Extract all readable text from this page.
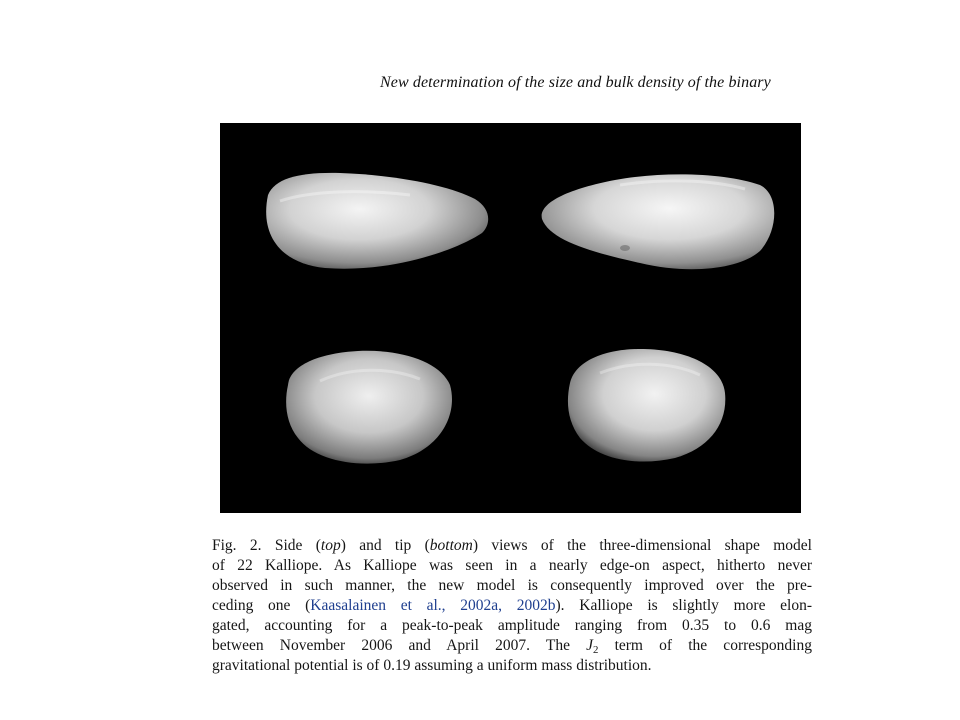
New determination of the size and bulk density of the binary
Fig. 2. Side (top) and tip (bottom) views of the three-dimensional shape model
of 22 Kalliope. As Kalliope was seen in a nearly edge-on aspect, hitherto never
observed in such manner, the new model is consequently improved over the pre-
ceding one (Kaasalainen et al., 2002a, 2002b). Kalliope is slightly more elon-
gated, accounting for a peak-to-peak amplitude ranging from 0.35 to 0.6 mag
between November 2006 and April 2007. The $J_2$ term of the corresponding
gravitational potential is of 0.19 assuming a uniform mass distribution.
